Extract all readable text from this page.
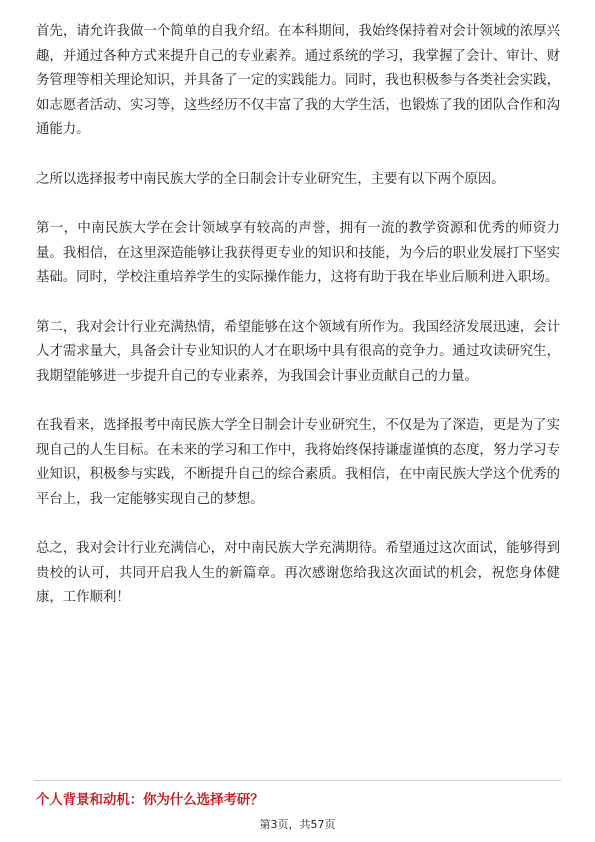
首先，请允许我做一个简单的自我介绍。在本科期间，我始终保持着对会计领域的浓厚兴趣，并通过各种方式来提升自己的专业素养。通过系统的学习，我掌握了会计、审计、财务管理等相关理论知识，并具备了一定的实践能力。同时，我也积极参与各类社会实践，如志愿者活动、实习等，这些经历不仅丰富了我的大学生活，也锻炼了我的团队合作和沟通能力。

之所以选择报考中南民族大学的全日制会计专业研究生，主要有以下两个原因。

第一，中南民族大学在会计领域享有较高的声誉，拥有一流的教学资源和优秀的师资力量。我相信，在这里深造能够让我获得更专业的知识和技能，为今后的职业发展打下坚实基础。同时，学校注重培养学生的实际操作能力，这将有助于我在毕业后顺利进入职场。

第二，我对会计行业充满热情，希望能够在这个领域有所作为。我国经济发展迅速，会计人才需求量大，具备会计专业知识的人才在职场中具有很高的竞争力。通过攻读研究生，我期望能够进一步提升自己的专业素养，为我国会计事业贡献自己的力量。

在我看来，选择报考中南民族大学全日制会计专业研究生，不仅是为了深造，更是为了实现自己的人生目标。在未来的学习和工作中，我将始终保持谦虚谨慎的态度，努力学习专业知识，积极参与实践，不断提升自己的综合素质。我相信，在中南民族大学这个优秀的平台上，我一定能够实现自己的梦想。

总之，我对会计行业充满信心，对中南民族大学充满期待。希望通过这次面试，能够得到贵校的认可，共同开启我人生的新篇章。再次感谢您给我这次面试的机会，祝您身体健康，工作顺利！

个人背景和动机：你为什么选择考研？
第3页，共57页
